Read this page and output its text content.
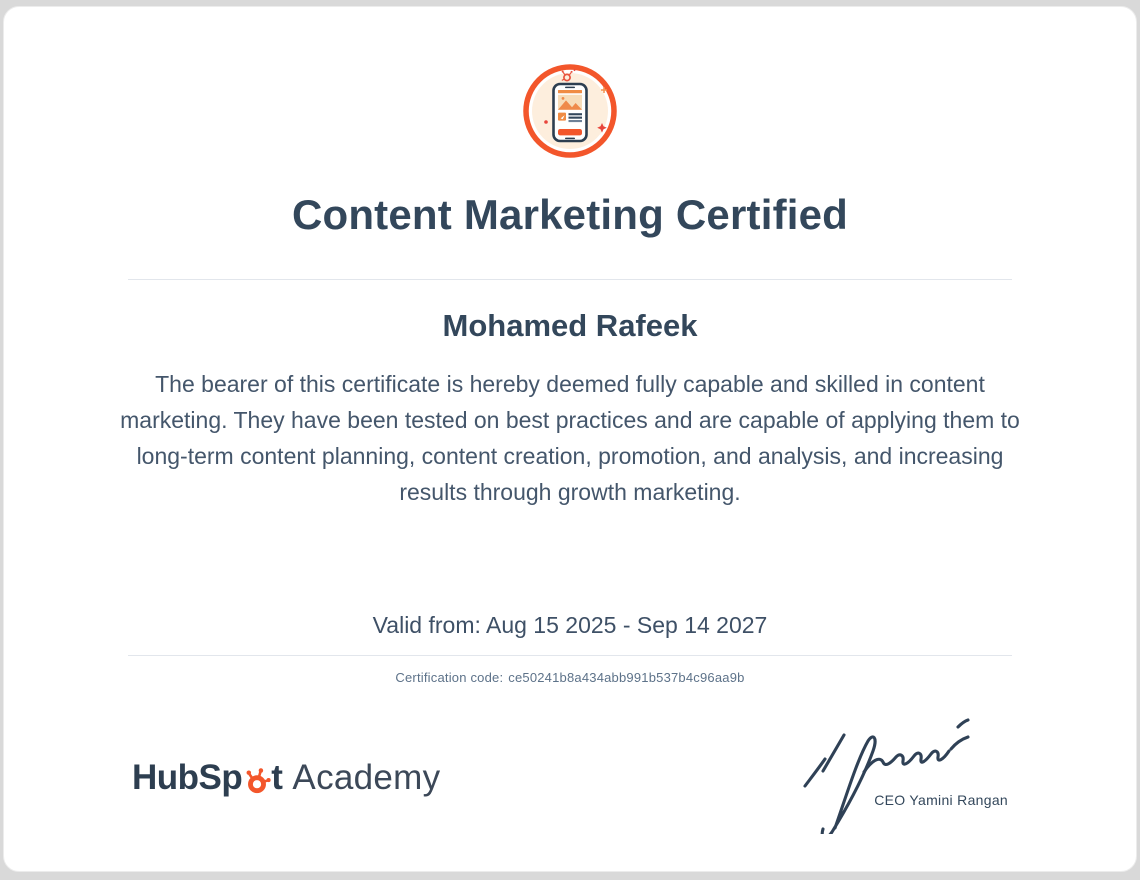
Content Marketing Certified
Mohamed Rafeek
The bearer of this certificate is hereby deemed fully capable and skilled in content marketing. They have been tested on best practices and are capable of applying them to long-term content planning, content creation, promotion, and analysis, and increasing results through growth marketing.
Valid from: Aug 15 2025 - Sep 14 2027
Certification code: ce50241b8a434abb991b537b4c96aa9b
HubSp t Academy
CEO Yamini Rangan
